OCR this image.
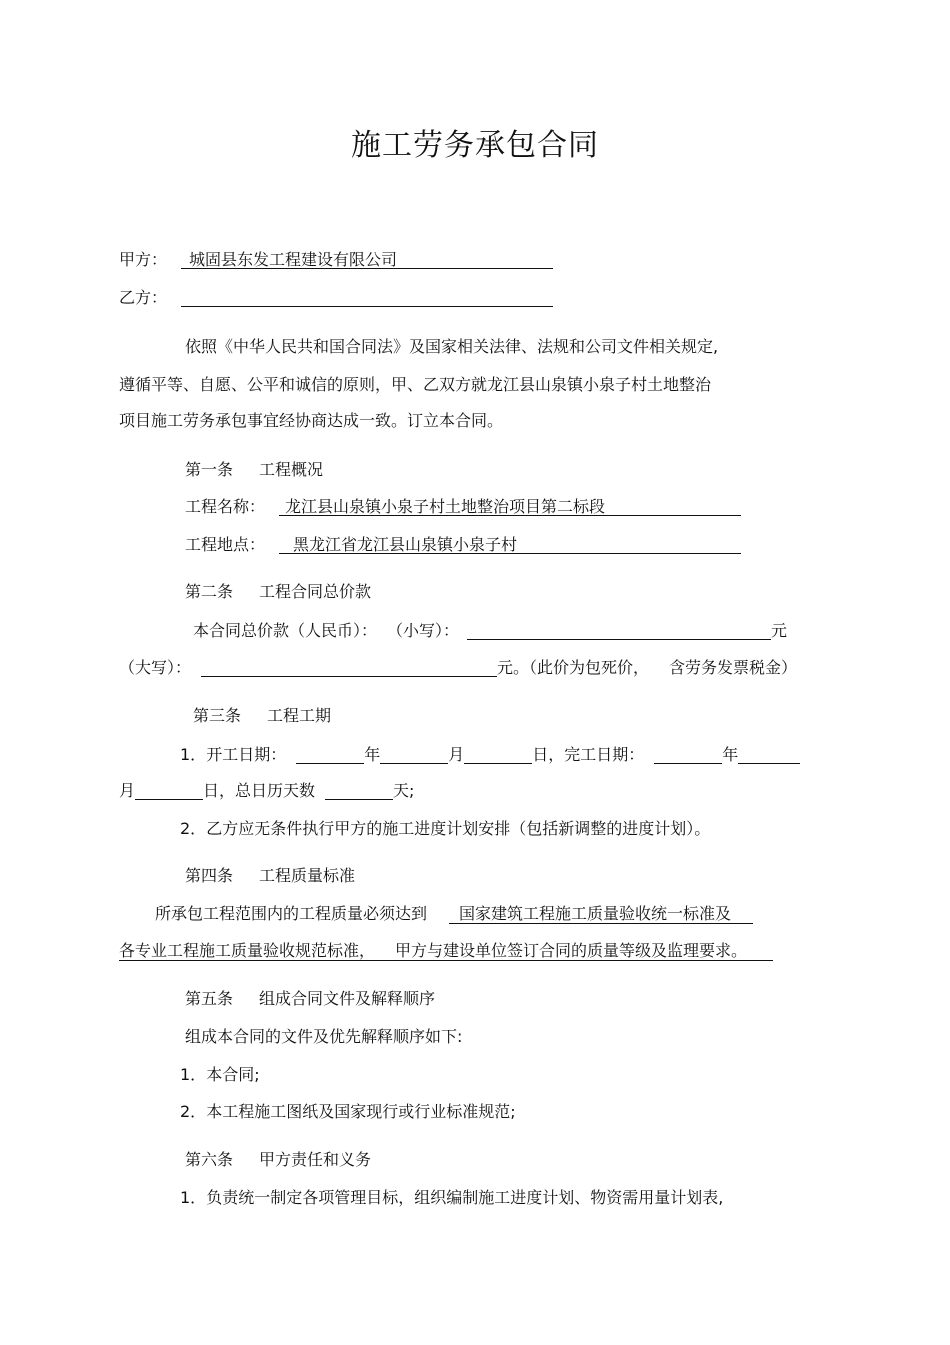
施工劳务承包合同
甲方： 城固县东发工程建设有限公司
乙方：
依照《中华人民共和国合同法》及国家相关法律、法规和公司文件相关规定,
遵循平等、自愿、公平和诚信的原则，甲、乙双方就龙江县山泉镇小泉子村土地整治
项目施工劳务承包事宜经协商达成一致。订立本合同。
第一条 工程概况
工程名称： 龙江县山泉镇小泉子村土地整治项目第二标段
工程地点： 黑龙江省龙江县山泉镇小泉子村
第二条 工程合同总价款
本合同总价款（人民币）： （小写）：	元
（大写）：	元。（此价为包死价， 含劳务发票税金）
第三条 工程工期
1．开工日期：	年	月	日，完工日期：	年
月	日，总日历天数	天;
2．乙方应无条件执行甲方的施工进度计划安排（包括新调整的进度计划）。
第四条 工程质量标准
所承包工程范围内的工程质量必须达到 国家建筑工程施工质量验收统一标准及
各专业工程施工质量验收规范标准， 甲方与建设单位签订合同的质量等级及监理要求。
第五条 组成合同文件及解释顺序
组成本合同的文件及优先解释顺序如下:
1．本合同;
2．本工程施工图纸及国家现行或行业标准规范;
第六条 甲方责任和义务
1．负责统一制定各项管理目标，组织编制施工进度计划、物资需用量计划表,
